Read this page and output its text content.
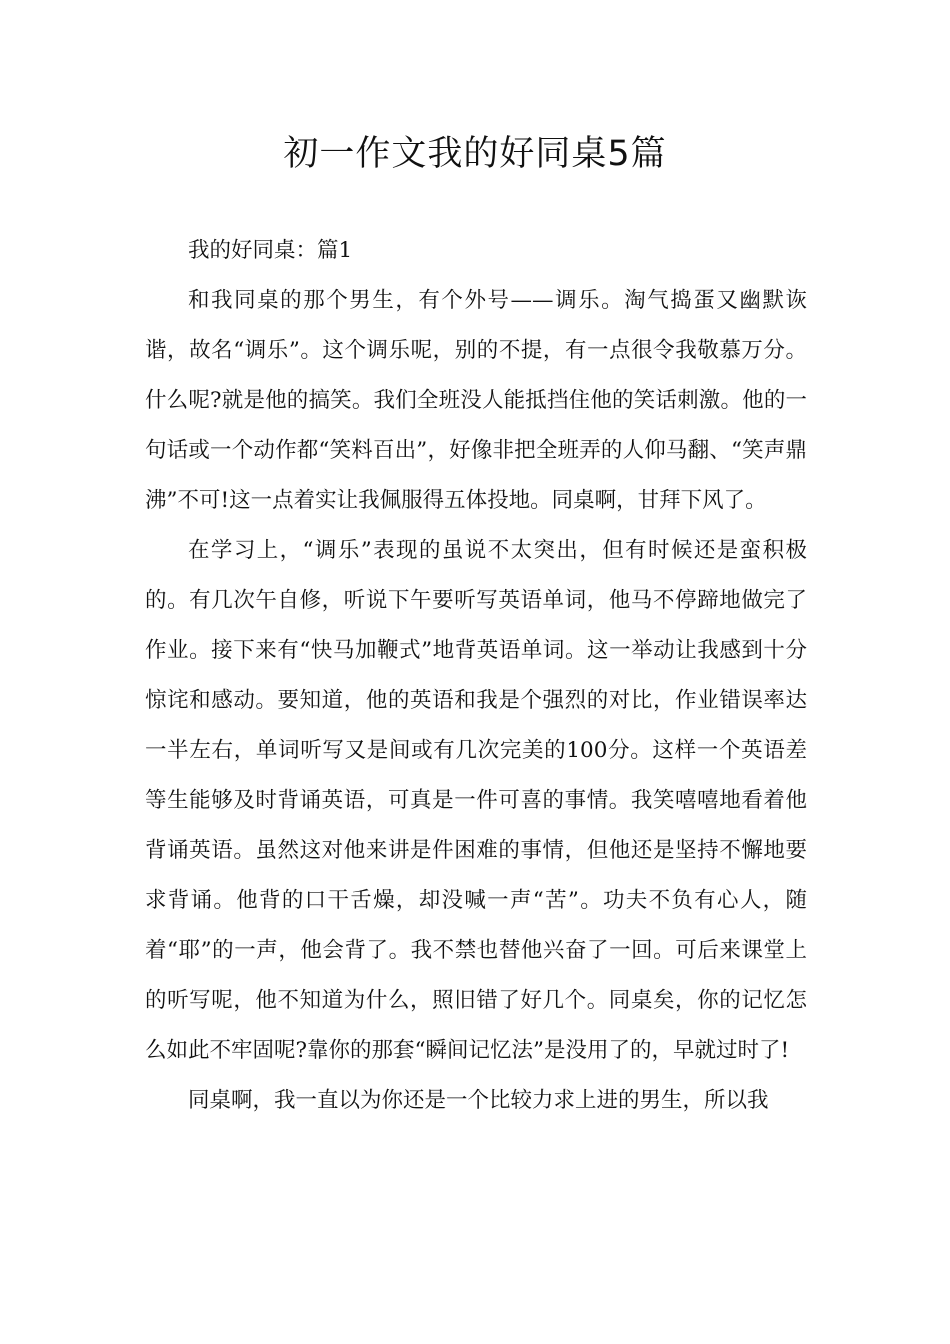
初一作文我的好同桌5篇

我的好同桌：篇1

和我同桌的那个男生，有个外号——调乐。淘气捣蛋又幽默诙谐，故名“调乐”。这个调乐呢，别的不提，有一点很令我敬慕万分。什么呢?就是他的搞笑。我们全班没人能抵挡住他的笑话刺激。他的一句话或一个动作都“笑料百出”，好像非把全班弄的人仰马翻、“笑声鼎沸”不可!这一点着实让我佩服得五体投地。同桌啊，甘拜下风了。

在学习上，“调乐”表现的虽说不太突出，但有时候还是蛮积极的。有几次午自修，听说下午要听写英语单词，他马不停蹄地做完了作业。接下来有“快马加鞭式”地背英语单词。这一举动让我感到十分惊诧和感动。要知道，他的英语和我是个强烈的对比，作业错误率达一半左右，单词听写又是间或有几次完美的100分。这样一个英语差等生能够及时背诵英语，可真是一件可喜的事情。我笑嘻嘻地看着他背诵英语。虽然这对他来讲是件困难的事情，但他还是坚持不懈地要求背诵。他背的口干舌燥，却没喊一声“苦”。功夫不负有心人，随着“耶”的一声，他会背了。我不禁也替他兴奋了一回。可后来课堂上的听写呢，他不知道为什么，照旧错了好几个。同桌矣，你的记忆怎么如此不牢固呢?靠你的那套“瞬间记忆法”是没用了的，早就过时了!

同桌啊，我一直以为你还是一个比较力求上进的男生，所以我
